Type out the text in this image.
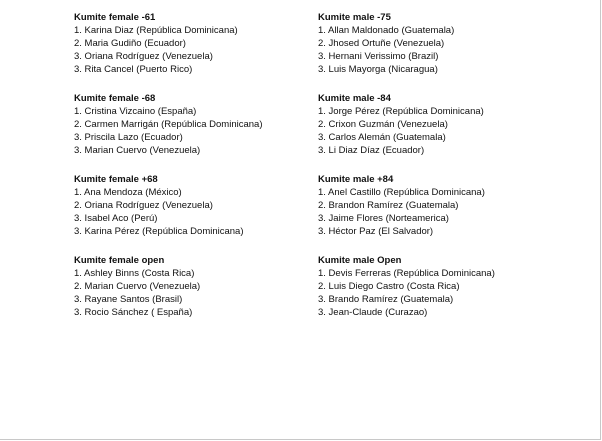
Kumite female -61
1. Karina Diaz (República Dominicana)
2. Maria Gudiño (Ecuador)
3. Oriana Rodríguez (Venezuela)
3. Rita Cancel (Puerto Rico)
Kumite female -68
1. Cristina Vizcaino (España)
2. Carmen Marrigán (República Dominicana)
3. Priscila Lazo (Ecuador)
3. Marian Cuervo (Venezuela)
Kumite female +68
1. Ana Mendoza (México)
2. Oriana Rodríguez (Venezuela)
3. Isabel Aco (Perú)
3. Karina Pérez (República Dominicana)
Kumite female open
1. Ashley Binns (Costa Rica)
2. Marian Cuervo (Venezuela)
3. Rayane Santos (Brasil)
3. Rocio Sánchez ( España)
Kumite male -75
1. Allan Maldonado (Guatemala)
2. Jhosed Ortuñe (Venezuela)
3. Hernani Verissimo (Brazil)
3. Luis Mayorga (Nicaragua)
Kumite male -84
1. Jorge Pérez (República Dominicana)
2. Crixon Guzmán (Venezuela)
3. Carlos Alemán (Guatemala)
3. Li Diaz Díaz (Ecuador)
Kumite male +84
1. Anel Castillo (República Dominicana)
2. Brandon Ramírez (Guatemala)
3. Jaime Flores (Norteamerica)
3. Héctor Paz (El Salvador)
Kumite male Open
1. Devis Ferreras (República Dominicana)
2. Luis Diego Castro (Costa Rica)
3. Brando Ramírez (Guatemala)
3. Jean-Claude (Curazao)
